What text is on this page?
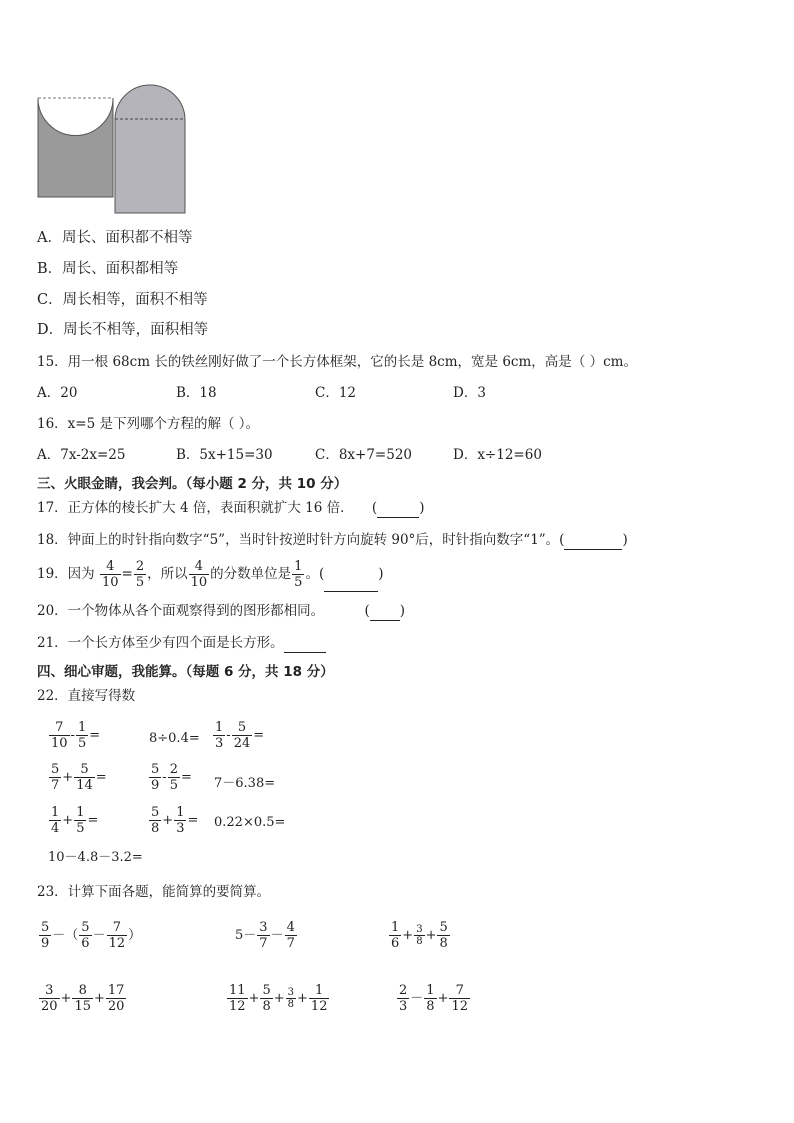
A．周长、面积都不相等
B．周长、面积都相等
C．周长相等，面积不相等
D．周长不相等，面积相等
15．用一根 68cm 长的铁丝刚好做了一个长方体框架，它的长是 8cm，宽是 6cm，高是（ ）cm。
A．20	B．18	C．12	D．3
16．x=5 是下列哪个方程的解（ ）。
A．7x-2x=25	B．5x+15=30	C．8x+7=520	D．x÷12=60
三、火眼金睛，我会判。（每小题 2 分，共 10 分）
17．正方体的棱长扩大 4 倍，表面积就扩大 16 倍． (	)
18．钟面上的时针指向数字“5”，当时针按逆时针方向旋转 90°后，时针指向数字“1”。(	)
19．因为 $\frac{4}{10} = \frac{2}{5}$ ，所以 $\frac{4}{10}$ 的分数单位是 $\frac{1}{5}$ 。(	)
20．一个物体从各个面观察得到的图形都相同。	( )
21．一个长方体至少有四个面是长方形。
四、细心审题，我能算。（每题 6 分，共 18 分）
22．直接写得数
$\frac{7}{10} - \frac{1}{5}$ =	$8\div 0.4= \frac{1}{3} - \frac{5}{24}$ =
$\frac{5}{7} + \frac{5}{14}$ =	$\frac{5}{9} - \frac{2}{5} = 7-6.38=$
$\frac{1}{4} + \frac{1}{5}$ =	$\frac{5}{8} + \frac{1}{3} = 0.22\times 0.5=$
10－4.8－3.2=
23．计算下面各题，能简算的要简算。
$\frac{5}{9}$ －（ $\frac{5}{6} - \frac{7}{12}$ ）	$5- \frac{3}{7} - \frac{4}{7}$	$\frac{1}{6} + \frac{3}{8} + \frac{5}{8}$
$\frac{3}{20} + \frac{8}{15} + \frac{17}{20}$	$\frac{11}{12} + \frac{5}{8} + \frac{3}{8} + \frac{1}{12}$	$\frac{2}{3} - \frac{1}{8} + \frac{7}{12}$
